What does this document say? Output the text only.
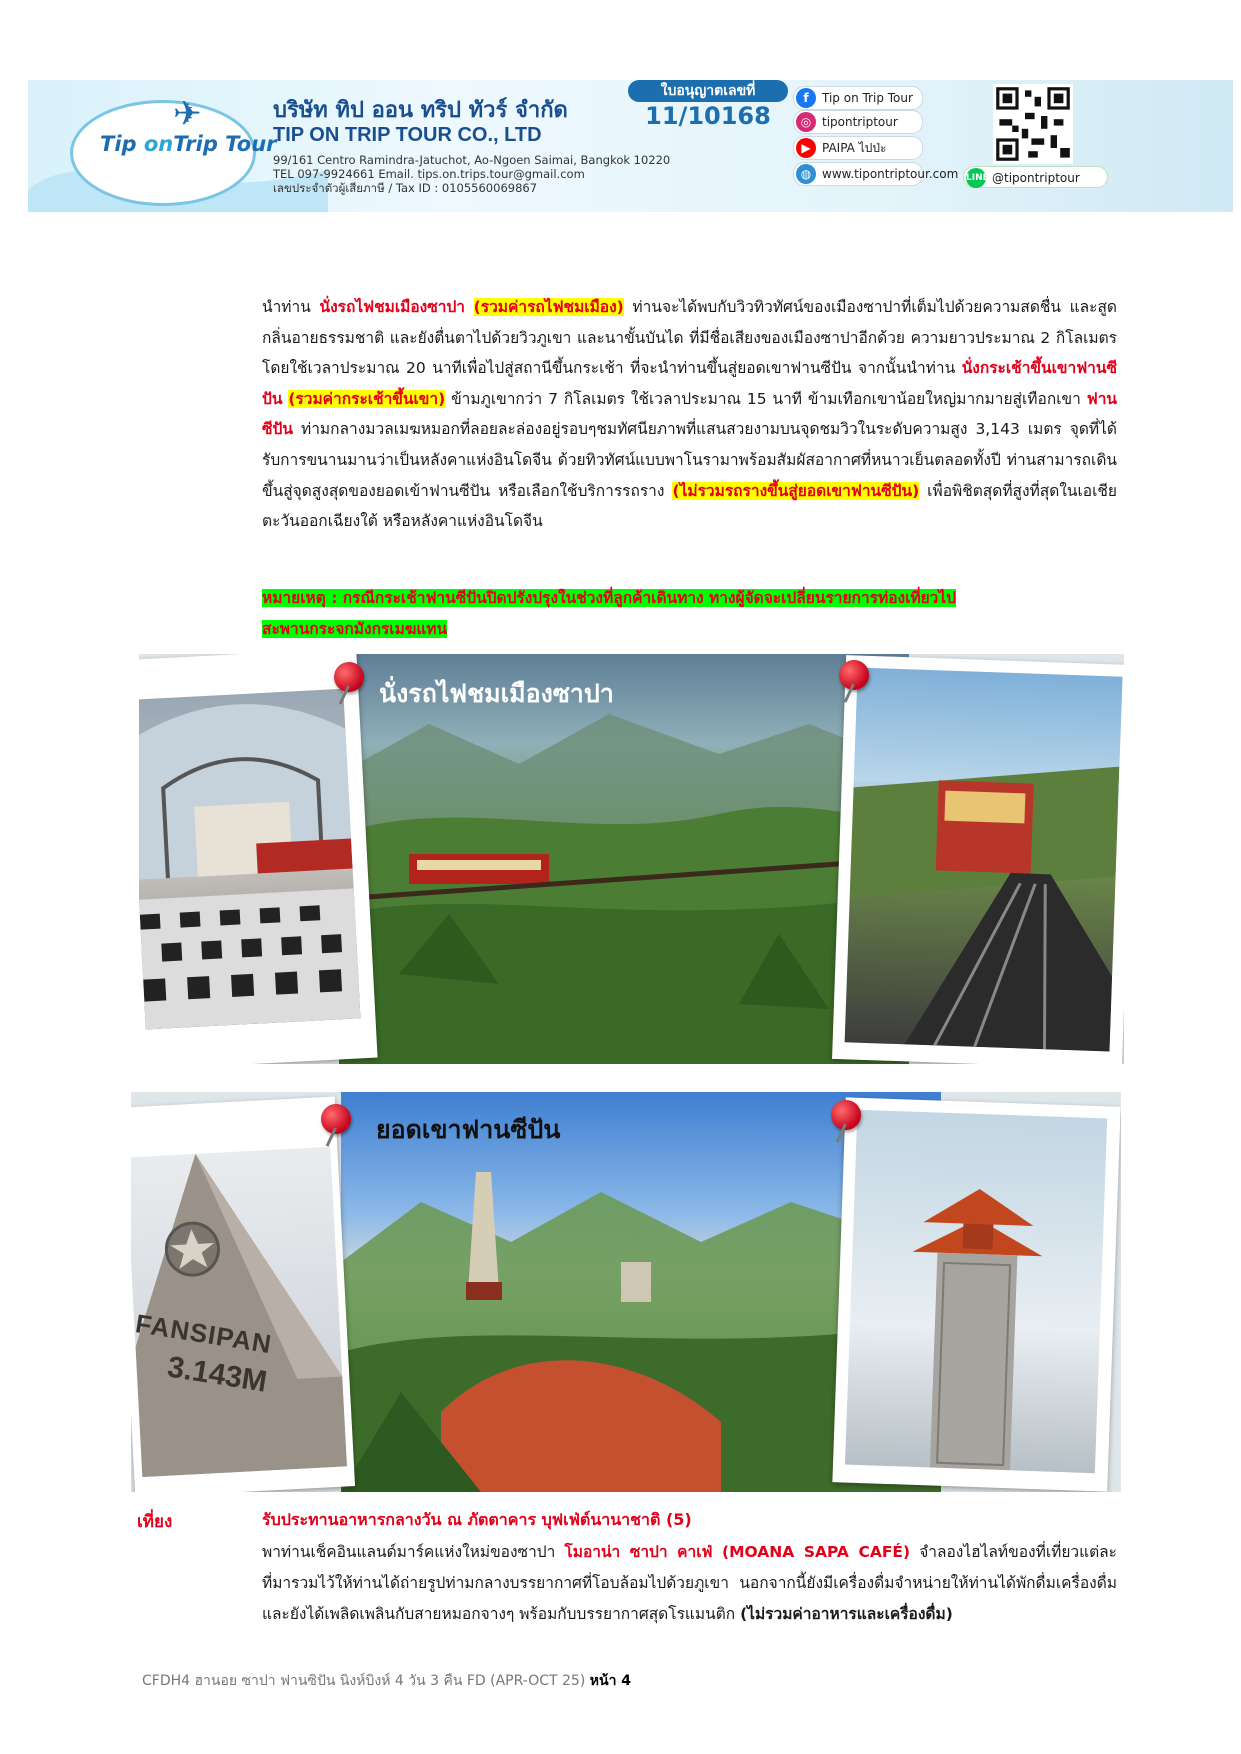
✈
Tip onTrip Tour
บริษัท ทิป ออน ทริป ทัวร์ จำกัด
TIP ON TRIP TOUR CO., LTD
99/161 Centro Ramindra-Jatuchot, Ao-Ngoen Saimai, Bangkok 10220
TEL 097-9924661 Email. tips.on.trips.tour@gmail.com
เลขประจำตัวผู้เสียภาษี / Tax ID : 0105560069867
ใบอนุญาตเลขที่
11/10168
f	Tip on Trip Tour
◎ tipontriptour
▶ PAIPA ไปป่ะ
◍ www.tipontriptour.com LINE @tipontriptour
นำท่าน นั่งรถไฟชมเมืองซาปา (รวมค่ารถไฟชมเมือง) ท่านจะได้พบกับวิวทิวทัศน์ของเมืองซาปาที่เต็มไปด้วยความสดชื่น และสูดกลิ่นอายธรรมชาติ และยังตื่นตาไปด้วยวิวภูเขา และนาขั้นบันได ที่มีชื่อเสียงของเมืองซาปาอีกด้วย ความยาวประมาณ 2 กิโลเมตร โดยใช้เวลาประมาณ 20 นาทีเพื่อไปสู่สถานีขึ้นกระเช้า ที่จะนำท่านขึ้นสู่ยอดเขาฟานซีปัน จากนั้นนำท่าน นั่งกระเช้าขึ้นเขาฟานซีปัน (รวมค่ากระเช้าขึ้นเขา) ข้ามภูเขากว่า 7 กิโลเมตร ใช้เวลาประมาณ 15 นาที ข้ามเทือกเขาน้อยใหญ่มากมายสู่เทือกเขา ฟานซีปัน ท่ามกลางมวลเมฆหมอกที่ลอยละล่องอยู่รอบๆชมทัศนียภาพที่แสนสวยงามบนจุดชมวิวในระดับความสูง 3,143 เมตร จุดที่ได้รับการขนานมานว่าเป็นหลังคาแห่งอินโดจีน ด้วยทิวทัศน์แบบพาโนรามาพร้อมสัมผัสอากาศที่หนาวเย็นตลอดทั้งปี ท่านสามารถเดินขึ้นสู่จุดสูงสุดของยอดเข้าฟานซีปัน หรือเลือกใช้บริการรถราง (ไม่รวมรถรางขึ้นสู่ยอดเขาฟานซีปัน) เพื่อพิชิตสุดที่สูงที่สุดในเอเชียตะวันออกเฉียงใต้ หรือหลังคาแห่งอินโดจีน
หมายเหตุ : กรณีกระเช้าฟานซีปันปิดปรังปรุงในช่วงที่ลูกค้าเดินทาง ทางผู้จัดจะเปลี่ยนรายการท่องเที่ยวไป
สะพานกระจกมังกรเมฆแทน
นั่งรถไฟชมเมืองซาปา
ยอดเขาฟานซีปัน
FANSIPAN
3.143M
เที่ยง	รับประทานอาหารกลางวัน ณ ภัตตาคาร บุฟเฟ่ต์นานาชาติ (5)
พาท่านเช็คอินแลนด์มาร์คแห่งใหม่ของซาปา โมอาน่า ซาปา คาเฟ่ (MOANA SAPA CAFÉ) จำลองไฮไลท์ของที่เที่ยวแต่ละที่มารวมไว้ให้ท่านได้ถ่ายรูปท่ามกลางบรรยากาศที่โอบล้อมไปด้วยภูเขา นอกจากนี้ยังมีเครื่องดื่มจำหน่ายให้ท่านได้พักดื่มเครื่องดื่ม และยังได้เพลิดเพลินกับสายหมอกจางๆ พร้อมกับบรรยากาศสุดโรแมนติก (ไม่รวมค่าอาหารและเครื่องดื่ม)
CFDH4 ฮานอย ซาปา ฟานซิปัน นิงห์บิงห์ 4 วัน 3 คืน FD (APR-OCT 25) หน้า 4
